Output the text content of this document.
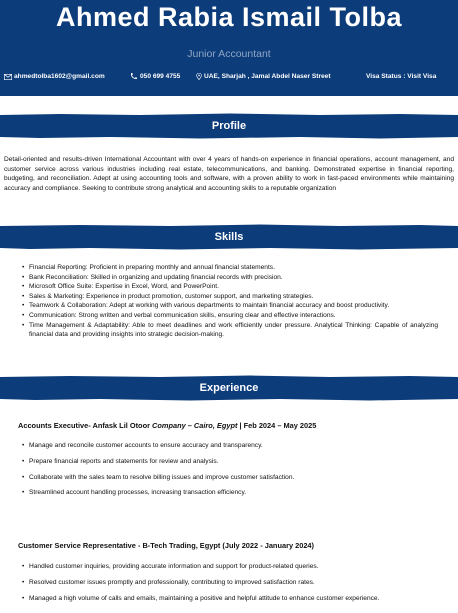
Ahmed Rabia Ismail Tolba
Junior Accountant
ahmedtolba1602@gmail.com	050 699 4755	UAE, Sharjah , Jamal Abdel Naser Street	Visa Status : Visit Visa
Profile
Detail-oriented and results-driven International Accountant with over 4 years of hands-on experience in financial operations, account management, and customer service across various industries including real estate, telecommunications, and banking. Demonstrated expertise in financial reporting, budgeting, and reconciliation. Adept at using accounting tools and software, with a proven ability to work in fast-paced environments while maintaining accuracy and compliance. Seeking to contribute strong analytical and accounting skills to a reputable organization
Skills
• Financial Reporting: Proficient in preparing monthly and annual financial statements.
• Bank Reconciliation: Skilled in organizing and updating financial records with precision.
• Microsoft Office Suite: Expertise in Excel, Word, and PowerPoint.
• Sales & Marketing: Experience in product promotion, customer support, and marketing strategies.
• Teamwork & Collaboration: Adept at working with various departments to maintain financial accuracy and boost productivity.
• Communication: Strong written and verbal communication skills, ensuring clear and effective interactions.
• Time Management & Adaptability: Able to meet deadlines and work efficiently under pressure. Analytical Thinking: Capable of analyzing financial data and providing insights into strategic decision-making.
Experience
Accounts Executive- Anfask Lil Otoor Company – Cairo, Egypt | Feb 2024 – May 2025
• Manage and reconcile customer accounts to ensure accuracy and transparency.
• Prepare financial reports and statements for review and analysis.
• Collaborate with the sales team to resolve billing issues and improve customer satisfaction.
• Streamlined account handling processes, increasing transaction efficiency.
Customer Service Representative - B-Tech Trading, Egypt (July 2022 - January 2024)
• Handled customer inquiries, providing accurate information and support for product-related queries.
• Resolved customer issues promptly and professionally, contributing to improved satisfaction rates.
• Managed a high volume of calls and emails, maintaining a positive and helpful attitude to enhance customer experience.
